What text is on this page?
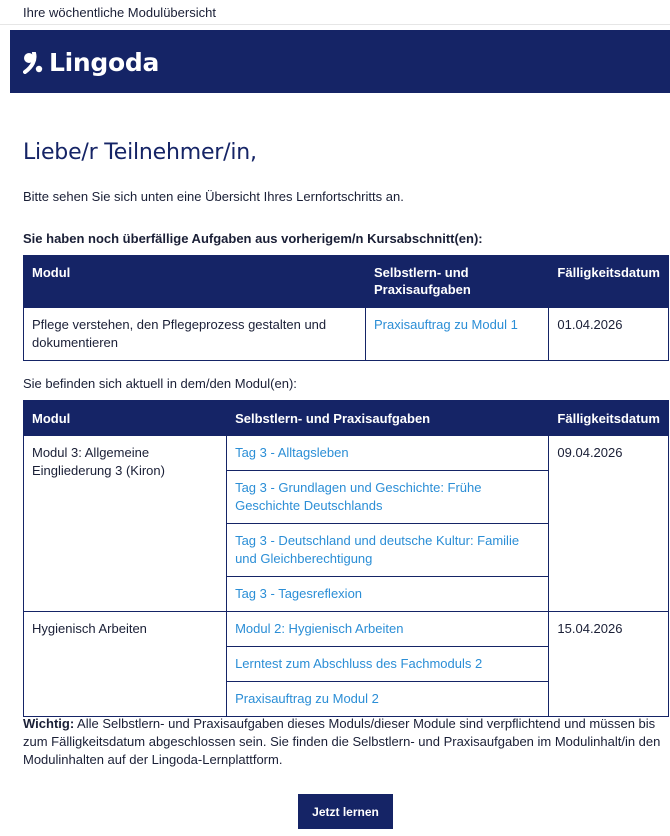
Ihre wöchentliche Modulübersicht
Lingoda
Liebe/r Teilnehmer/in,

Bitte sehen Sie sich unten eine Übersicht Ihres Lernfortschritts an.

Sie haben noch überfällige Aufgaben aus vorherigem/n Kursabschnitt(en):

Modul	Selbstlern- und Praxisaufgaben	Fälligkeitsdatum
Pflege verstehen, den Pflegeprozess gestalten und dokumentieren	Praxisauftrag zu Modul 1	01.04.2026

Sie befinden sich aktuell in dem/den Modul(en):

Modul	Selbstlern- und Praxisaufgaben	Fälligkeitsdatum
Modul 3: Allgemeine Eingliederung 3 (Kiron)	Tag 3 - Alltagsleben	09.04.2026
	Tag 3 - Grundlagen und Geschichte: Frühe Geschichte Deutschlands	
	Tag 3 - Deutschland und deutsche Kultur: Familie und Gleichberechtigung	
	Tag 3 - Tagesreflexion	
Hygienisch Arbeiten	Modul 2: Hygienisch Arbeiten	15.04.2026
	Lerntest zum Abschluss des Fachmoduls 2	
	Praxisauftrag zu Modul 2	

Wichtig: Alle Selbstlern- und Praxisaufgaben dieses Moduls/dieser Module sind verpflichtend und müssen bis zum Fälligkeitsdatum abgeschlossen sein. Sie finden die Selbstlern- und Praxisaufgaben im Modulinhalt/in den Modulinhalten auf der Lingoda-Lernplattform.

Jetzt lernen
